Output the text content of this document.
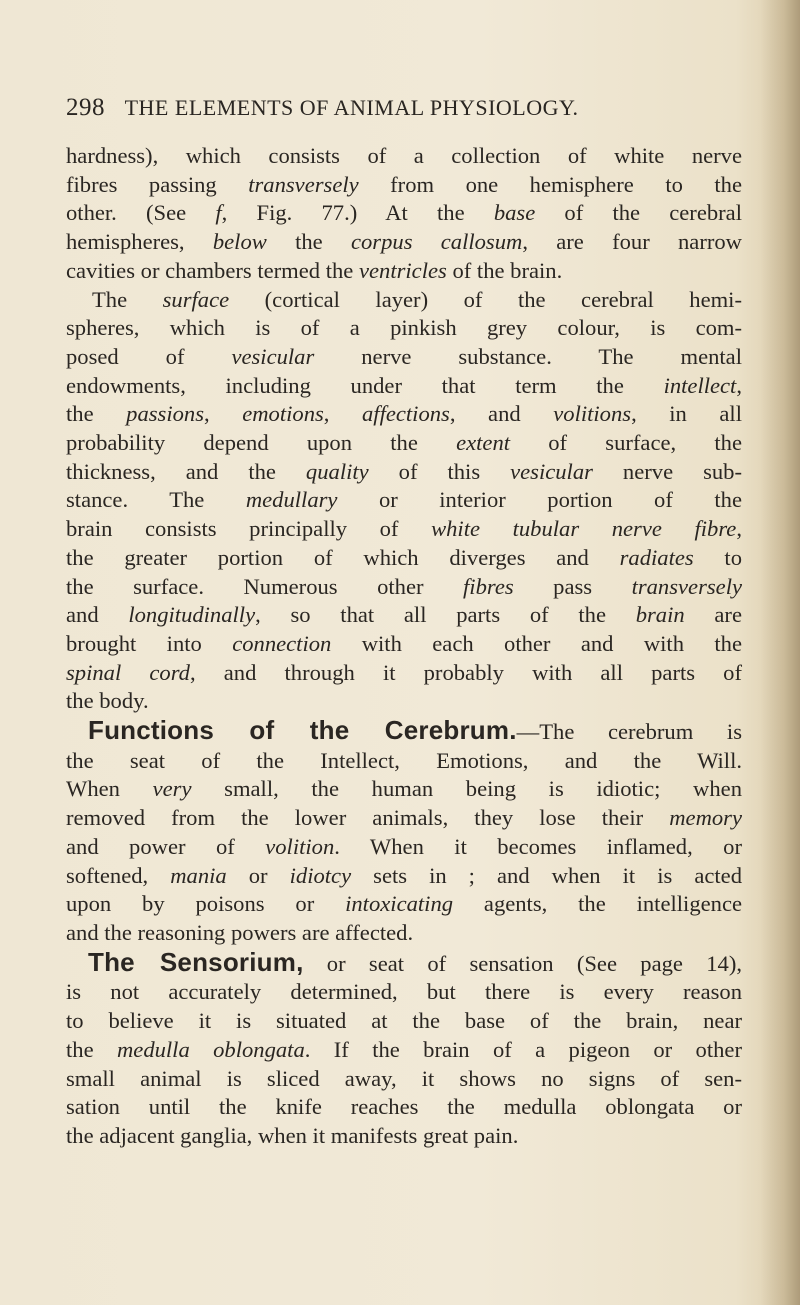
298 THE ELEMENTS OF ANIMAL PHYSIOLOGY.
hardness), which consists of a collection of white nerve
fibres passing transversely from one hemisphere to the
other. (See f, Fig. 77.) At the base of the cerebral
hemispheres, below the corpus callosum, are four narrow
cavities or chambers termed the ventricles of the brain.
The surface (cortical layer) of the cerebral hemi-
spheres, which is of a pinkish grey colour, is com-
posed of vesicular nerve substance. The mental
endowments, including under that term the intellect,
the passions, emotions, affections, and volitions, in all
probability depend upon the extent of surface, the
thickness, and the quality of this vesicular nerve sub-
stance. The medullary or interior portion of the
brain consists principally of white tubular nerve fibre,
the greater portion of which diverges and radiates to
the surface. Numerous other fibres pass transversely
and longitudinally, so that all parts of the brain are
brought into connection with each other and with the
spinal cord, and through it probably with all parts of
the body.
Functions of the Cerebrum.—The cerebrum is
the seat of the Intellect, Emotions, and the Will.
When very small, the human being is idiotic; when
removed from the lower animals, they lose their memory
and power of volition. When it becomes inflamed, or
softened, mania or idiotcy sets in ; and when it is acted
upon by poisons or intoxicating agents, the intelligence
and the reasoning powers are affected.
The Sensorium, or seat of sensation (See page 14),
is not accurately determined, but there is every reason
to believe it is situated at the base of the brain, near
the medulla oblongata. If the brain of a pigeon or other
small animal is sliced away, it shows no signs of sen-
sation until the knife reaches the medulla oblongata or
the adjacent ganglia, when it manifests great pain.
